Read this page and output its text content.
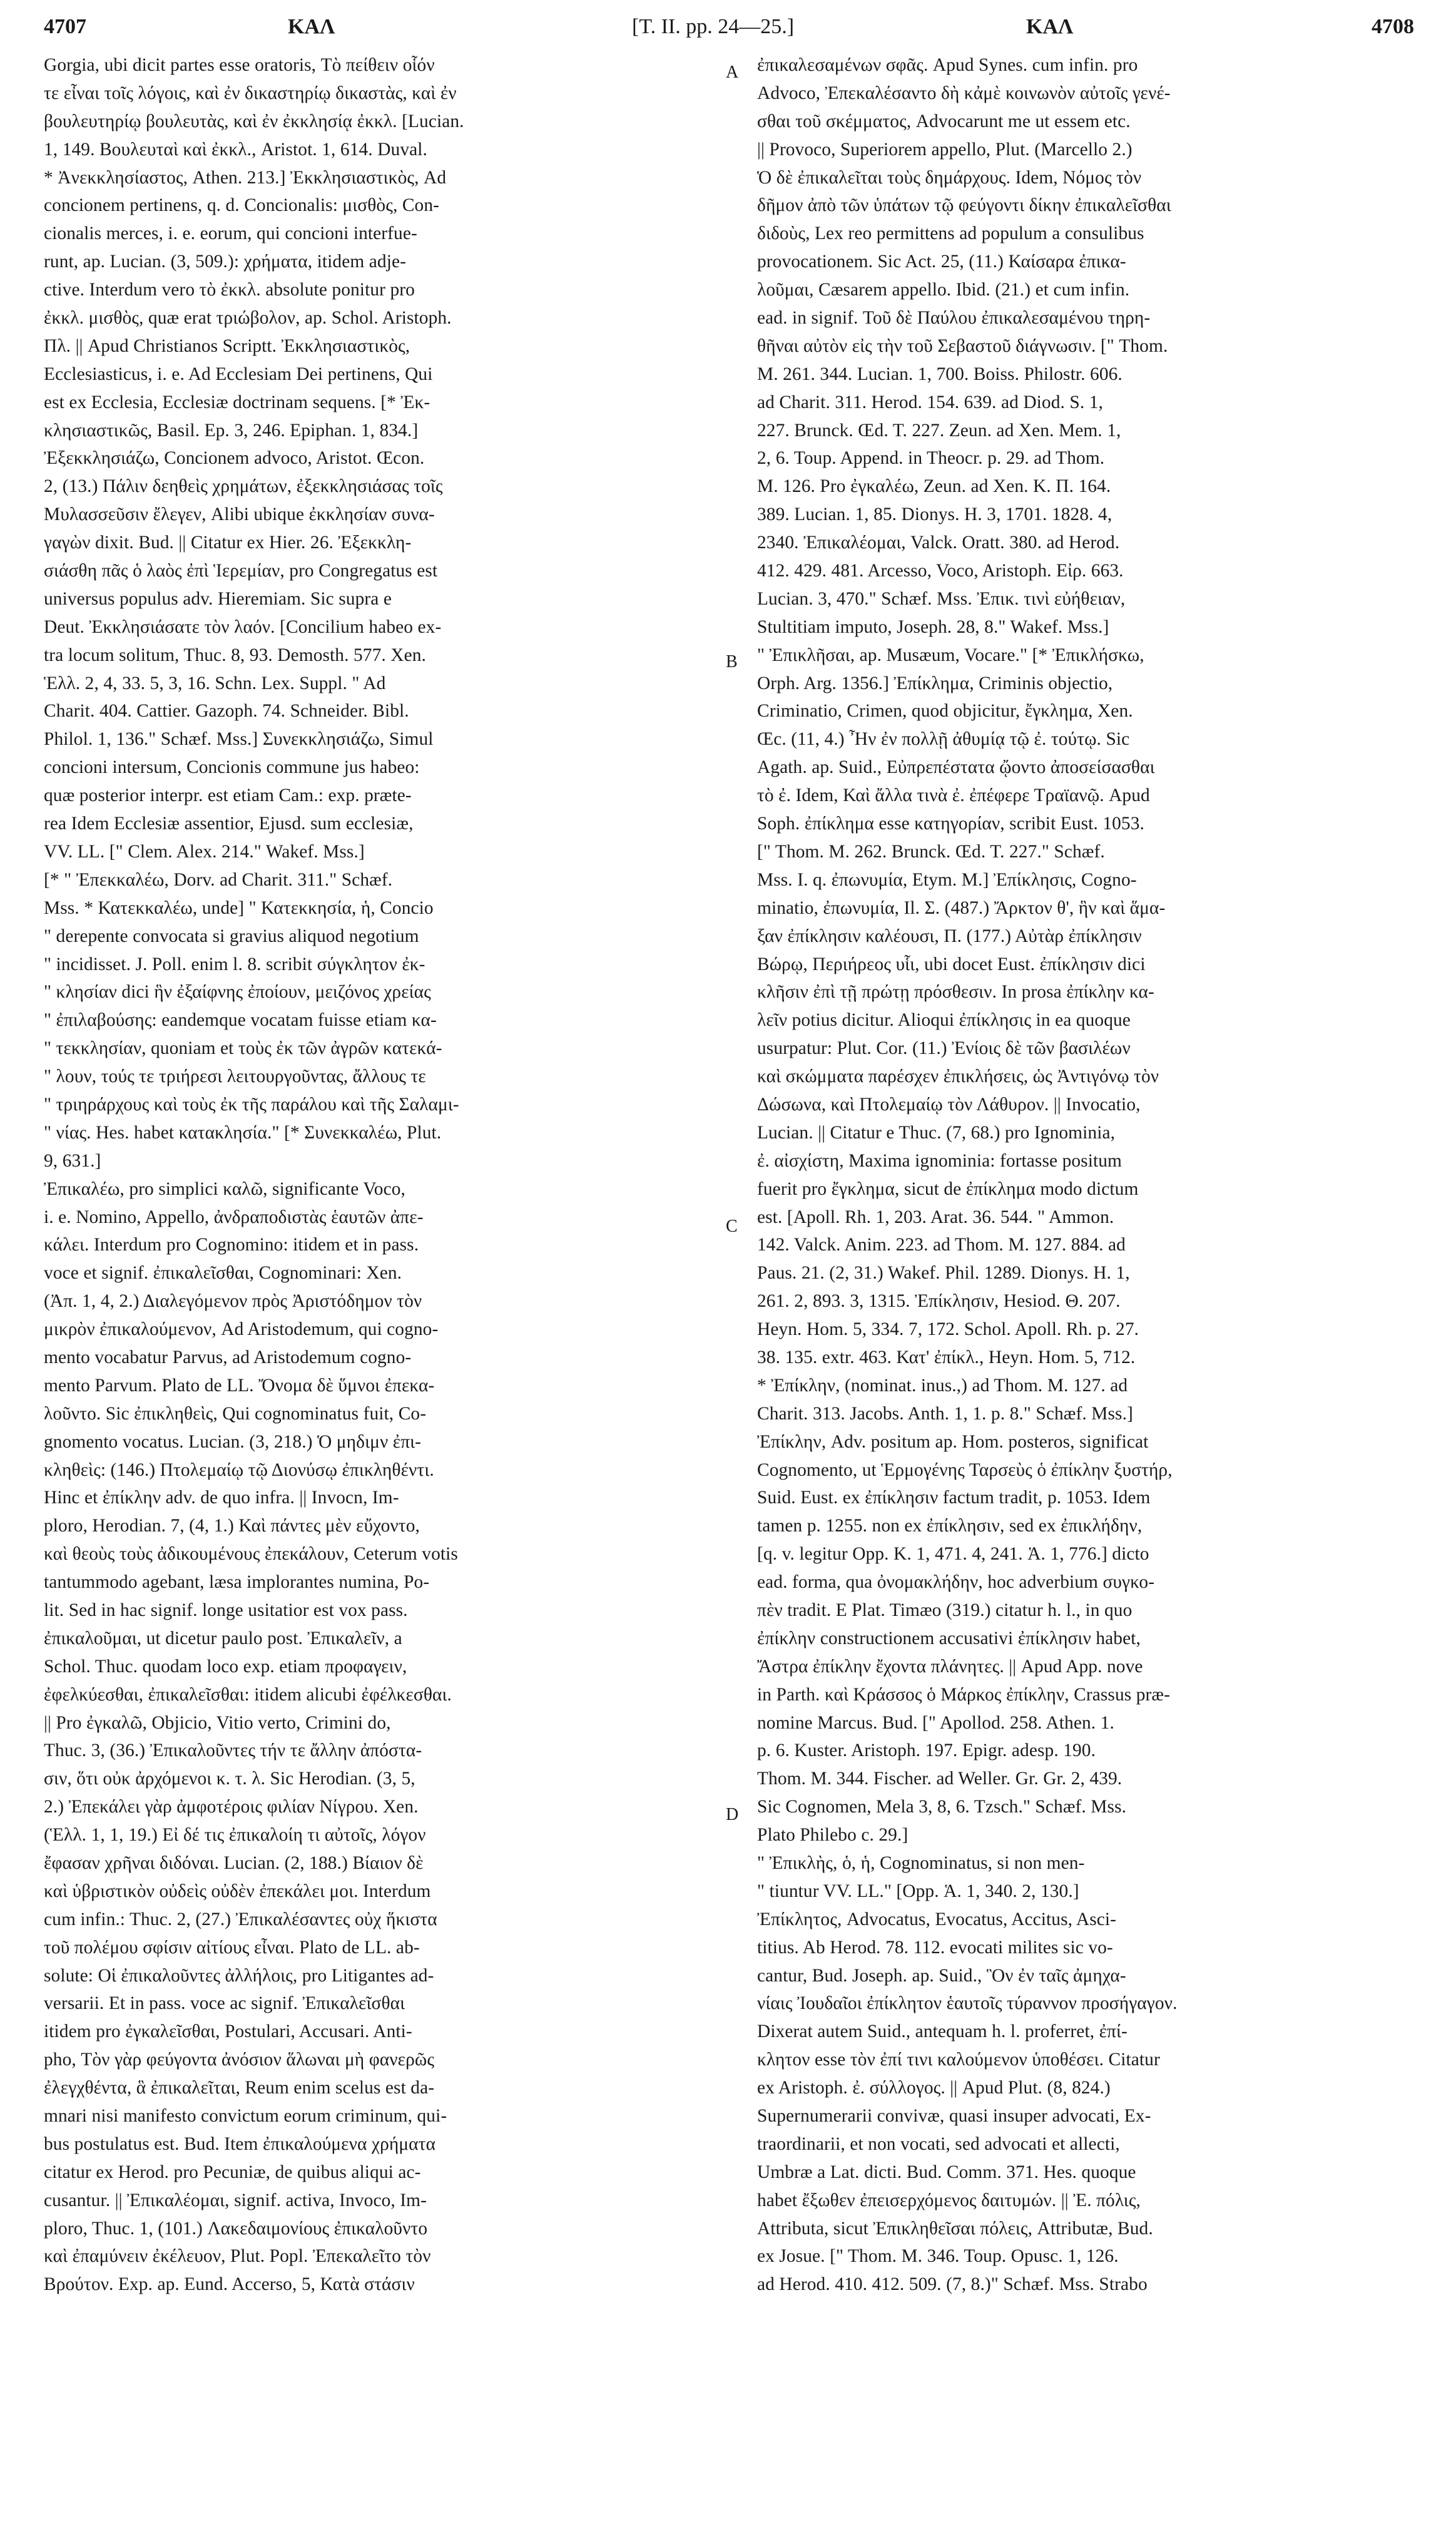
4707	ΚΑΛ	[T. II. pp. 24—25.]	ΚΑΛ	4708
Gorgia, ubi dicit partes esse oratoris, Τὸ πείθειν οἷόν
τε εἶναι τοῖς λόγοις, καὶ ἐν δικαστηρίῳ δικαστὰς, καὶ ἐν
βουλευτηρίῳ βουλευτὰς, καὶ ἐν ἐκκλησίᾳ ἐκκλ. [Lucian.
1, 149. Βουλευταὶ καὶ ἐκκλ., Aristot. 1, 614. Duval.
* Ἀνεκκλησίαστος, Athen. 213.] Ἐκκλησιαστικὸς, Ad
concionem pertinens, q. d. Concionalis: μισθὸς, Con-
cionalis merces, i. e. eorum, qui concioni interfue-
runt, ap. Lucian. (3, 509.): χρήματα, itidem adje-
ctive. Interdum vero τὸ ἐκκλ. absolute ponitur pro
ἐκκλ. μισθὸς, quæ erat τριώβολον, ap. Schol. Aristoph.
Πλ. || Apud Christianos Scriptt. Ἐκκλησιαστικὸς,
Ecclesiasticus, i. e. Ad Ecclesiam Dei pertinens, Qui
est ex Ecclesia, Ecclesiæ doctrinam sequens. [* Ἐκ-
κλησιαστικῶς, Basil. Ep. 3, 246. Epiphan. 1, 834.]
Ἐξεκκλησιάζω, Concionem advoco, Aristot. Œcon.
2, (13.) Πάλιν δεηθεὶς χρημάτων, ἐξεκκλησιάσας τοῖς
Μυλασσεῦσιν ἔλεγεν, Alibi ubique ἐκκλησίαν συνα-
γαγὼν dixit. Bud. || Citatur ex Hier. 26. Ἐξεκκλη-
σιάσθη πᾶς ὁ λαὸς ἐπὶ Ἱερεμίαν, pro Congregatus est
universus populus adv. Hieremiam. Sic supra e
Deut. Ἐκκλησιάσατε τὸν λαόν. [Concilium habeo ex-
tra locum solitum, Thuc. 8, 93. Demosth. 577. Xen.
Ἑλλ. 2, 4, 33. 5, 3, 16. Schn. Lex. Suppl. " Ad
Charit. 404. Cattier. Gazoph. 74. Schneider. Bibl.
Philol. 1, 136." Schæf. Mss.] Συνεκκλησιάζω, Simul
concioni intersum, Concionis commune jus habeo:
quæ posterior interpr. est etiam Cam.: exp. præte-
rea Idem Ecclesiæ assentior, Ejusd. sum ecclesiæ,
VV. LL. [" Clem. Alex. 214." Wakef. Mss.]
[* " Ἐπεκκαλέω, Dorv. ad Charit. 311." Schæf.
Mss. * Κατεκκαλέω, unde] " Κατεκκησία, ἡ, Concio
" derepente convocata si gravius aliquod negotium
" incidisset. J. Poll. enim l. 8. scribit σύγκλητον ἐκ-
" κλησίαν dici ἣν ἐξαίφνης ἐποίουν, μειζόνος χρείας
" ἐπιλαβούσης: eandemque vocatam fuisse etiam κα-
" τεκκλησίαν, quoniam et τοὺς ἐκ τῶν ἀγρῶν κατεκά-
" λουν, τούς τε τριήρεσι λειτουργοῦντας, ἄλλους τε
" τριηράρχους καὶ τοὺς ἐκ τῆς παράλου καὶ τῆς Σαλαμι-
" νίας. Hes. habet κατακλησία." [* Συνεκκαλέω, Plut.
9, 631.]
Ἐπικαλέω, pro simplici καλῶ, significante Voco,
i. e. Nomino, Appello, ἀνδραποδιστὰς ἑαυτῶν ἀπε-
κάλει. Interdum pro Cognomino: itidem et in pass.
voce et signif. ἐπικαλεῖσθαι, Cognominari: Xen.
(Ἀπ. 1, 4, 2.) Διαλεγόμενον πρὸς Ἀριστόδημον τὸν
μικρὸν ἐπικαλούμενον, Ad Aristodemum, qui cogno-
mento vocabatur Parvus, ad Aristodemum cogno-
mento Parvum. Plato de LL. Ὄνομα δὲ ὕμνοι ἐπεκα-
λοῦντο. Sic ἐπικληθεὶς, Qui cognominatus fuit, Co-
gnomento vocatus. Lucian. (3, 218.) Ὁ μηδιμν ἐπι-
κληθεὶς: (146.) Πτολεμαίῳ τῷ Διονύσῳ ἐπικληθέντι.
Hinc et ἐπίκλην adv. de quo infra. || Invocn, Im-
ploro, Herodian. 7, (4, 1.) Καὶ πάντες μὲν εὔχοντο,
καὶ θεοὺς τοὺς ἀδικουμένους ἐπεκάλουν, Ceterum votis
tantummodo agebant, læsa implorantes numina, Po-
lit. Sed in hac signif. longe usitatior est vox pass.
ἐπικαλοῦμαι, ut dicetur paulo post. Ἐπικαλεῖν, a
Schol. Thuc. quodam loco exp. etiam προφαγειν,
ἐφελκύεσθαι, ἐπικαλεῖσθαι: itidem alicubi ἐφέλκεσθαι.
|| Pro ἐγκαλῶ, Objicio, Vitio verto, Crimini do,
Thuc. 3, (36.) Ἐπικαλοῦντες τήν τε ἄλλην ἀπόστα-
σιν, ὅτι οὐκ ἀρχόμενοι κ. τ. λ. Sic Herodian. (3, 5,
2.) Ἐπεκάλει γὰρ ἀμφοτέροις φιλίαν Νίγρου. Xen.
(Ἑλλ. 1, 1, 19.) Εἰ δέ τις ἐπικαλοίη τι αὐτοῖς, λόγον
ἔφασαν χρῆναι διδόναι. Lucian. (2, 188.) Βίαιον δὲ
καὶ ὑβριστικὸν οὐδεὶς οὐδὲν ἐπεκάλει μοι. Interdum
cum infin.: Thuc. 2, (27.) Ἐπικαλέσαντες οὐχ ἥκιστα
τοῦ πολέμου σφίσιν αἰτίους εἶναι. Plato de LL. ab-
solute: Οἱ ἐπικαλοῦντες ἀλλήλοις, pro Litigantes ad-
versarii. Et in pass. voce ac signif. Ἐπικαλεῖσθαι
itidem pro ἐγκαλεῖσθαι, Postulari, Accusari. Anti-
pho, Τὸν γὰρ φεύγοντα ἀνόσιον ἅλωναι μὴ φανερῶς
ἐλεγχθέντα, ἃ ἐπικαλεῖται, Reum enim scelus est da-
mnari nisi manifesto convictum eorum criminum, qui-
bus postulatus est. Bud. Item ἐπικαλούμενα χρήματα
citatur ex Herod. pro Pecuniæ, de quibus aliqui ac-
cusantur. || Ἐπικαλέομαι, signif. activa, Invoco, Im-
ploro, Thuc. 1, (101.) Λακεδαιμονίους ἐπικαλοῦντο
καὶ ἐπαμύνειν ἐκέλευον, Plut. Popl. Ἐπεκαλεῖτο τὸν
Βρούτον. Exp. ap. Eund. Accerso, 5, Κατὰ στάσιν
ἐπικαλεσαμένων σφᾶς. Apud Synes. cum infin. pro
Advoco, Ἐπεκαλέσαντο δὴ κἀμὲ κοινωνὸν αὐτοῖς γενέ-
σθαι τοῦ σκέμματος, Advocarunt me ut essem etc.
|| Provoco, Superiorem appello, Plut. (Marcello 2.)
Ὁ δὲ ἐπικαλεῖται τοὺς δημάρχους. Idem, Νόμος τὸν
δῆμον ἀπὸ τῶν ὑπάτων τῷ φεύγοντι δίκην ἐπικαλεῖσθαι
διδοὺς, Lex reo permittens ad populum a consulibus
provocationem. Sic Act. 25, (11.) Καίσαρα ἐπικα-
λοῦμαι, Cæsarem appello. Ibid. (21.) et cum infin.
ead. in signif. Τοῦ δὲ Παύλου ἐπικαλεσαμένου τηρη-
θῆναι αὐτὸν εἰς τὴν τοῦ Σεβαστοῦ διάγνωσιν. [" Thom.
M. 261. 344. Lucian. 1, 700. Boiss. Philostr. 606.
ad Charit. 311. Herod. 154. 639. ad Diod. S. 1,
227. Brunck. Œd. T. 227. Zeun. ad Xen. Mem. 1,
2, 6. Toup. Append. in Theocr. p. 29. ad Thom.
M. 126. Pro ἐγκαλέω, Zeun. ad Xen. K. Π. 164.
389. Lucian. 1, 85. Dionys. H. 3, 1701. 1828. 4,
2340. Ἐπικαλέομαι, Valck. Oratt. 380. ad Herod.
412. 429. 481. Arcesso, Voco, Aristoph. Εἰρ. 663.
Lucian. 3, 470." Schæf. Mss. Ἐπικ. τινὶ εὐήθειαν,
Stultitiam imputo, Joseph. 28, 8." Wakef. Mss.]
" Ἐπικλῆσαι, ap. Musæum, Vocare." [* Ἐπικλήσκω,
Orph. Arg. 1356.] Ἐπίκλημα, Criminis objectio,
Criminatio, Crimen, quod objicitur, ἔγκλημα, Xen.
Œc. (11, 4.) Ἦν ἐν πολλῇ ἀθυμίᾳ τῷ ἐ. τούτῳ. Sic
Agath. ap. Suid., Εὐπρεπέστατα ᾤοντο ἀποσείσασθαι
τὸ ἐ. Idem, Καὶ ἄλλα τινὰ ἐ. ἐπέφερε Τραϊανῷ. Apud
Soph. ἐπίκλημα esse κατηγορίαν, scribit Eust. 1053.
[" Thom. M. 262. Brunck. Œd. T. 227." Schæf.
Mss. I. q. ἐπωνυμία, Etym. M.] Ἐπίκλησις, Cogno-
minatio, ἐπωνυμία, Il. Σ. (487.) Ἄρκτον θ', ἣν καὶ ἅμα-
ξαν ἐπίκλησιν καλέουσι, Π. (177.) Αὐτὰρ ἐπίκλησιν
Βώρῳ, Περιήρεος υἷι, ubi docet Eust. ἐπίκλησιν dici
κλῆσιν ἐπὶ τῇ πρώτῃ πρόσθεσιν. In prosa ἐπίκλην κα-
λεῖν potius dicitur. Alioqui ἐπίκλησις in ea quoque
usurpatur: Plut. Cor. (11.) Ἐνίοις δὲ τῶν βασιλέων
καὶ σκώμματα παρέσχεν ἐπικλήσεις, ὡς Ἀντιγόνῳ τὸν
Δώσωνα, καὶ Πτολεμαίῳ τὸν Λάθυρον. || Invocatio,
Lucian. || Citatur e Thuc. (7, 68.) pro Ignominia,
ἐ. αἰσχίστη, Maxima ignominia: fortasse positum
fuerit pro ἔγκλημα, sicut de ἐπίκλημα modo dictum
est. [Apoll. Rh. 1, 203. Arat. 36. 544. " Ammon.
142. Valck. Anim. 223. ad Thom. M. 127. 884. ad
Paus. 21. (2, 31.) Wakef. Phil. 1289. Dionys. H. 1,
261. 2, 893. 3, 1315. Ἐπίκλησιν, Hesiod. Θ. 207.
Heyn. Hom. 5, 334. 7, 172. Schol. Apoll. Rh. p. 27.
38. 135. extr. 463. Κατ' ἐπίκλ., Heyn. Hom. 5, 712.
* Ἐπίκλην, (nominat. inus.,) ad Thom. M. 127. ad
Charit. 313. Jacobs. Anth. 1, 1. p. 8." Schæf. Mss.]
Ἐπίκλην, Adv. positum ap. Hom. posteros, significat
Cognomento, ut Ἑρμογένης Ταρσεὺς ὁ ἐπίκλην ξυστήρ,
Suid. Eust. ex ἐπίκλησιν factum tradit, p. 1053. Idem
tamen p. 1255. non ex ἐπίκλησιν, sed ex ἐπικλήδην,
[q. v. legitur Opp. K. 1, 471. 4, 241. Ἁ. 1, 776.] dicto
ead. forma, qua ὀνομακλήδην, hoc adverbium συγκο-
πὲν tradit. E Plat. Timæo (319.) citatur h. l., in quo
ἐπίκλην constructionem accusativi ἐπίκλησιν habet,
Ἄστρα ἐπίκλην ἔχοντα πλάνητες. || Apud App. nove
in Parth. καὶ Κράσσος ὁ Μάρκος ἐπίκλην, Crassus præ-
nomine Marcus. Bud. [" Apollod. 258. Athen. 1.
p. 6. Kuster. Aristoph. 197. Epigr. adesp. 190.
Thom. M. 344. Fischer. ad Weller. Gr. Gr. 2, 439.
Sic Cognomen, Mela 3, 8, 6. Tzsch." Schæf. Mss.
Plato Philebo c. 29.]
" Ἐπικλὴς, ὁ, ἡ, Cognominatus, si non men-
" tiuntur VV. LL." [Opp. Ἁ. 1, 340. 2, 130.]
Ἐπίκλητος, Advocatus, Evocatus, Accitus, Asci-
titius. Ab Herod. 78. 112. evocati milites sic vo-
cantur, Bud. Joseph. ap. Suid., Ὃν ἐν ταῖς ἀμηχα-
νίαις Ἰουδαῖοι ἐπίκλητον ἑαυτοῖς τύραννον προσήγαγον.
Dixerat autem Suid., antequam h. l. proferret, ἐπί-
κλητον esse τὸν ἐπί τινι καλούμενον ὑποθέσει. Citatur
ex Aristoph. ἐ. σύλλογος. || Apud Plut. (8, 824.)
Supernumerarii convivæ, quasi insuper advocati, Ex-
traordinarii, et non vocati, sed advocati et allecti,
Umbræ a Lat. dicti. Bud. Comm. 371. Hes. quoque
habet ἔξωθεν ἐπεισερχόμενος δαιτυμών. || Ἐ. πόλις,
Attributa, sicut Ἐπικληθεῖσαι πόλεις, Attributæ, Bud.
ex Josue. [" Thom. M. 346. Toup. Opusc. 1, 126.
ad Herod. 410. 412. 509. (7, 8.)" Schæf. Mss. Strabo
A
B
C
D
